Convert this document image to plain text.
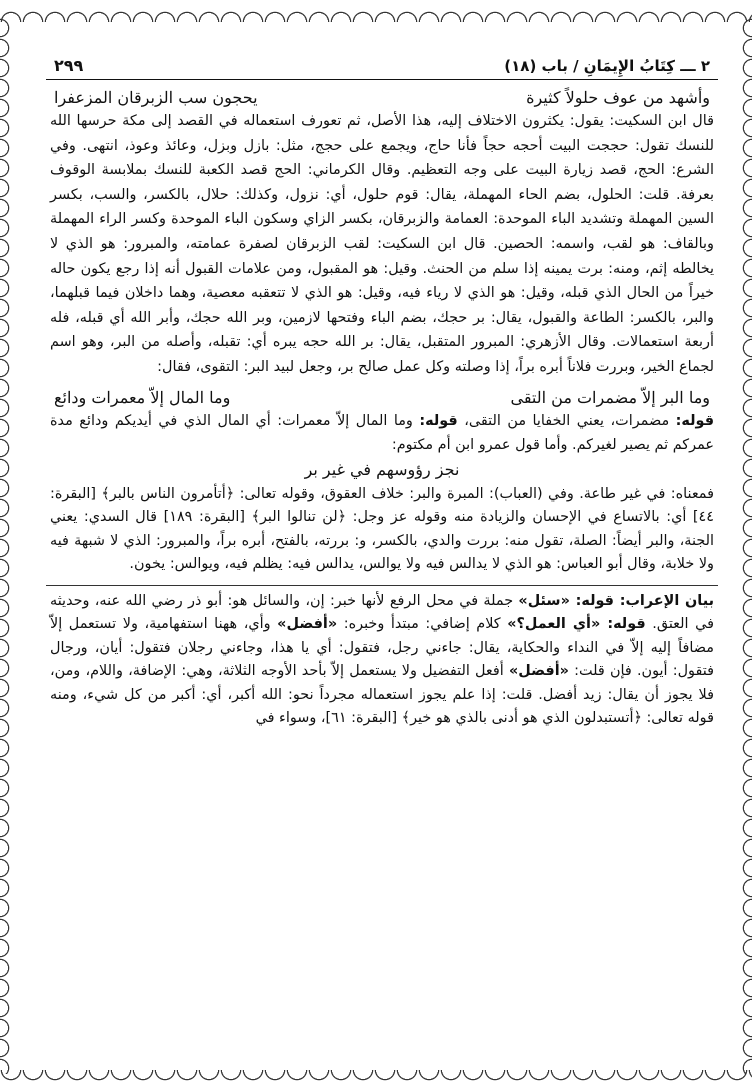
٢ ـــ كِتَابُ الإِيمَانِ / باب (١٨)
٢٩٩
وأشهد من عوف حلولاً كثيرة
يحجون سب الزبرقان المزعفرا

قال ابن السكيت: يقول: يكثرون الاختلاف إليه، هذا الأصل، ثم تعورف استعماله في القصد إلى مكة حرسها الله للنسك تقول: حججت البيت أحجه حجاً فأنا حاج، ويجمع على حجج، مثل: بازل وبزل، وعائذ وعوذ، انتهى. وفي الشرع: الحج، قصد زيارة البيت على وجه التعظيم. وقال الكرماني: الحج قصد الكعبة للنسك بملابسة الوقوف بعرفة. قلت: الحلول، بضم الحاء المهملة، يقال: قوم حلول، أي: نزول، وكذلك: حلال، بالكسر، والسب، بكسر السين المهملة وتشديد الباء الموحدة: العمامة والزبرقان، بكسر الزاي وسكون الباء الموحدة وكسر الراء المهملة وبالقاف: هو لقب، واسمه: الحصين. قال ابن السكيت: لقب الزبرقان لصفرة عمامته، والمبرور: هو الذي لا يخالطه إثم، ومنه: برت يمينه إذا سلم من الحنث. وقيل: هو المقبول، ومن علامات القبول أنه إذا رجع يكون حاله خيراً من الحال الذي قبله، وقيل: هو الذي لا رياء فيه، وقيل: هو الذي لا تتعقبه معصية، وهما داخلان فيما قبلهما، والبر، بالكسر: الطاعة والقبول، يقال: بر حجك، بضم الباء وفتحها لازمين، وبر الله حجك، وأبر الله أي قبله، فله أربعة استعمالات. وقال الأزهري: المبرور المتقبل، يقال: بر الله حجه يبره أي: تقبله، وأصله من البر، وهو اسم لجماع الخير، وبررت فلاناً أبره براً، إذا وصلته وكل عمل صالح بر، وجعل لبيد البر: التقوى، فقال:

وما البر إلاّ مضمرات من التقى
وما المال إلاّ معمرات ودائع

قوله: مضمرات، يعني الخفايا من التقى، قوله: وما المال إلاّ معمرات: أي المال الذي في أيديكم ودائع مدة عمركم ثم يصير لغيركم. وأما قول عمرو ابن أم مكتوم:

نجز رؤوسهم في غير بر

فمعناه: في غير طاعة. وفي (العباب): المبرة والبر: خلاف العقوق، وقوله تعالى: ﴿أتأمرون الناس بالبر﴾ [البقرة: ٤٤] أي: بالاتساع في الإحسان والزيادة منه وقوله عز وجل: ﴿لن تنالوا البر﴾ [البقرة: ١٨٩] قال السدي: يعني الجنة، والبر أيضاً: الصلة، تقول منه: بررت والدي، بالكسر، و: بررته، بالفتح، أبره براً، والمبرور: الذي لا شبهة فيه ولا خلابة، وقال أبو العباس: هو الذي لا يدالس فيه ولا يوالس، يدالس فيه: يظلم فيه، ويوالس: يخون.

بيان الإعراب: قوله: «سئل» جملة في محل الرفع لأنها خبر: إن، والسائل هو: أبو ذر رضي الله عنه، وحديثه في العتق. قوله: «أي العمل؟» كلام إضافي: مبتدأ وخبره: «أفضل» وأي، ههنا استفهامية، ولا تستعمل إلاّ مضافاً إليه إلاّ في النداء والحكاية، يقال: جاءني رجل، فتقول: أي يا هذا، وجاءني رجلان فتقول: أيان، ورجال فتقول: أيون. فإن قلت: «أفضل» أفعل التفضيل ولا يستعمل إلاّ بأحد الأوجه الثلاثة، وهي: الإضافة، واللام، ومن، فلا يجوز أن يقال: زيد أفضل. قلت: إذا علم يجوز استعماله مجرداً نحو: الله أكبر، أي: أكبر من كل شيء، ومنه قوله تعالى: ﴿أتستبدلون الذي هو أدنى بالذي هو خير﴾ [البقرة: ٦١]، وسواء في
